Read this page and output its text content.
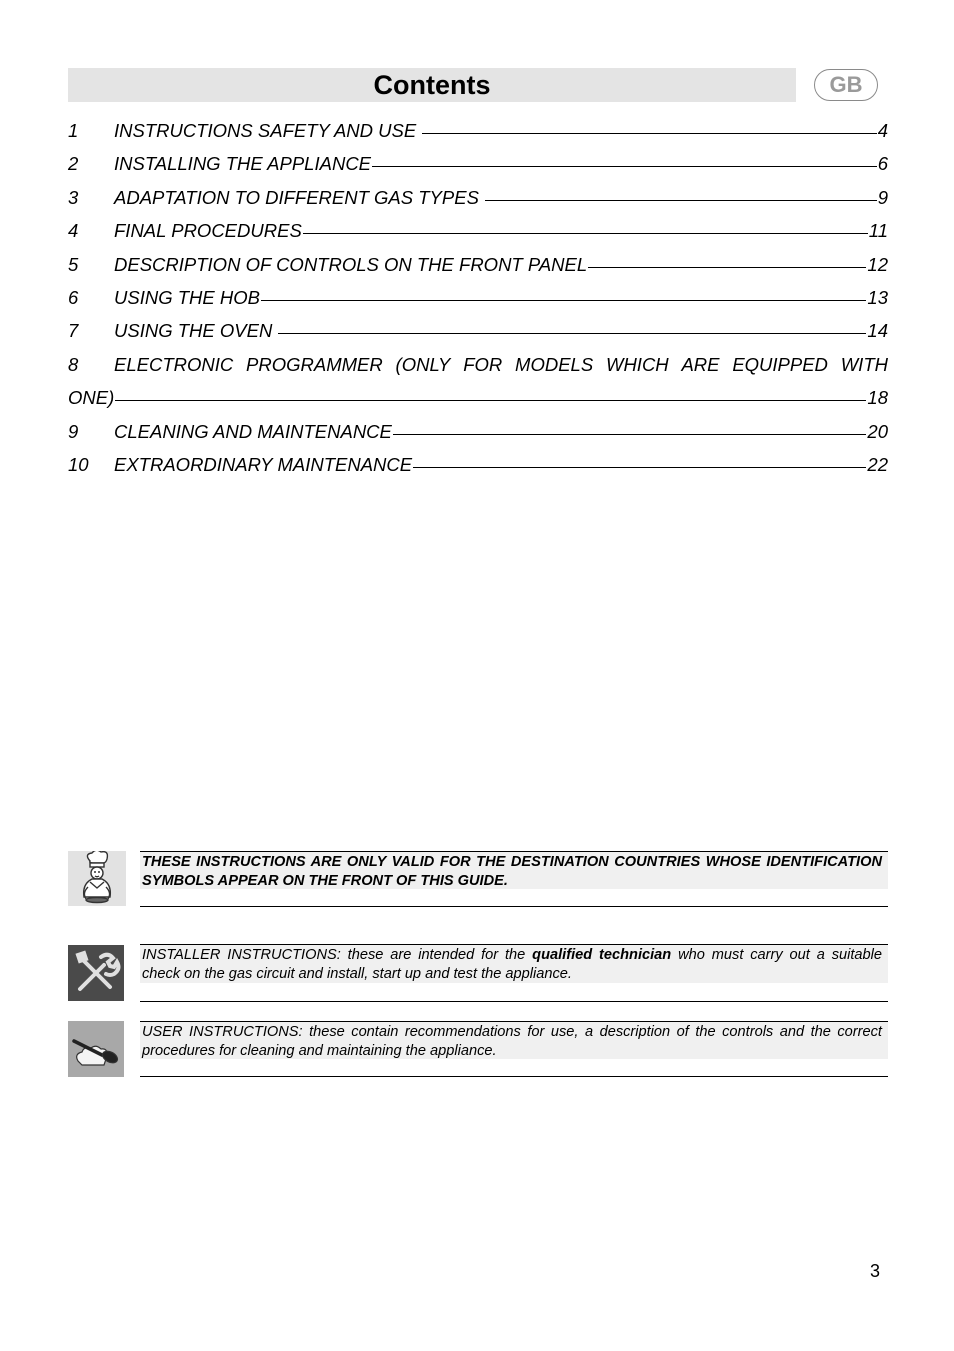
Contents	GB
1	INSTRUCTIONS SAFETY AND USE	4
2	INSTALLING THE APPLIANCE	6
3	ADAPTATION TO DIFFERENT GAS TYPES	9
4	FINAL PROCEDURES	11
5	DESCRIPTION OF CONTROLS ON THE FRONT PANEL	12
6	USING THE HOB	13
7	USING THE OVEN	14
8	ELECTRONIC PROGRAMMER (ONLY FOR MODELS WHICH ARE EQUIPPED WITH
ONE)	18
9	CLEANING AND MAINTENANCE	20
10	EXTRAORDINARY MAINTENANCE	22
THESE INSTRUCTIONS ARE ONLY VALID FOR THE DESTINATION COUNTRIES WHOSE IDENTIFICATION SYMBOLS APPEAR ON THE FRONT OF THIS GUIDE.
INSTALLER INSTRUCTIONS: these are intended for the qualified technician who must carry out a suitable check on the gas circuit and install, start up and test the appliance.
USER INSTRUCTIONS: these contain recommendations for use, a description of the controls and the correct procedures for cleaning and maintaining the appliance.
3
